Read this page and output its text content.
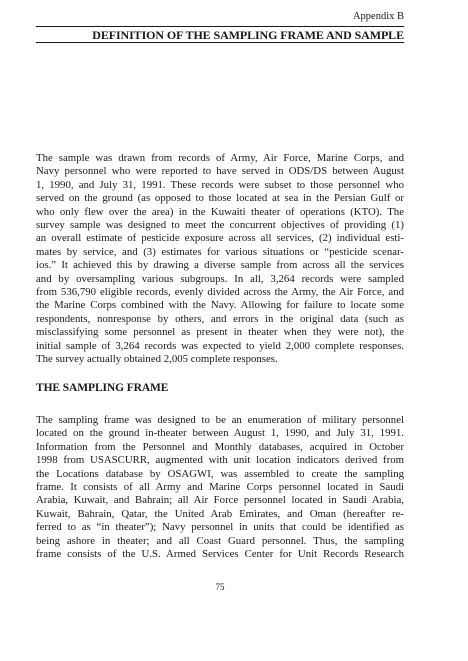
Appendix B
DEFINITION OF THE SAMPLING FRAME AND SAMPLE
The sample was drawn from records of Army, Air Force, Marine Corps, and
Navy personnel who were reported to have served in ODS/DS between August
1, 1990, and July 31, 1991. These records were subset to those personnel who
served on the ground (as opposed to those located at sea in the Persian Gulf or
who only flew over the area) in the Kuwaiti theater of operations (KTO). The
survey sample was designed to meet the concurrent objectives of providing (1)
an overall estimate of pesticide exposure across all services, (2) individual esti-
mates by service, and (3) estimates for various situations or “pesticide scenar-
ios.” It achieved this by drawing a diverse sample from across all the services
and by oversampling various subgroups. In all, 3,264 records were sampled
from 536,790 eligible records, evenly divided across the Army, the Air Force, and
the Marine Corps combined with the Navy. Allowing for failure to locate some
respondents, nonresponse by others, and errors in the original data (such as
misclassifying some personnel as present in theater when they were not), the
initial sample of 3,264 records was expected to yield 2,000 complete responses.
The survey actually obtained 2,005 complete responses.
THE SAMPLING FRAME
The sampling frame was designed to be an enumeration of military personnel
located on the ground in-theater between August 1, 1990, and July 31, 1991.
Information from the Personnel and Monthly databases, acquired in October
1998 from USASCURR, augmented with unit location indicators derived from
the Locations database by OSAGWI, was assembled to create the sampling
frame. It consists of all Army and Marine Corps personnel located in Saudi
Arabia, Kuwait, and Bahrain; all Air Force personnel located in Saudi Arabia,
Kuwait, Bahrain, Qatar, the United Arab Emirates, and Oman (hereafter re-
ferred to as “in theater”); Navy personnel in units that could be identified as
being ashore in theater; and all Coast Guard personnel. Thus, the sampling
frame consists of the U.S. Armed Services Center for Unit Records Research
75
